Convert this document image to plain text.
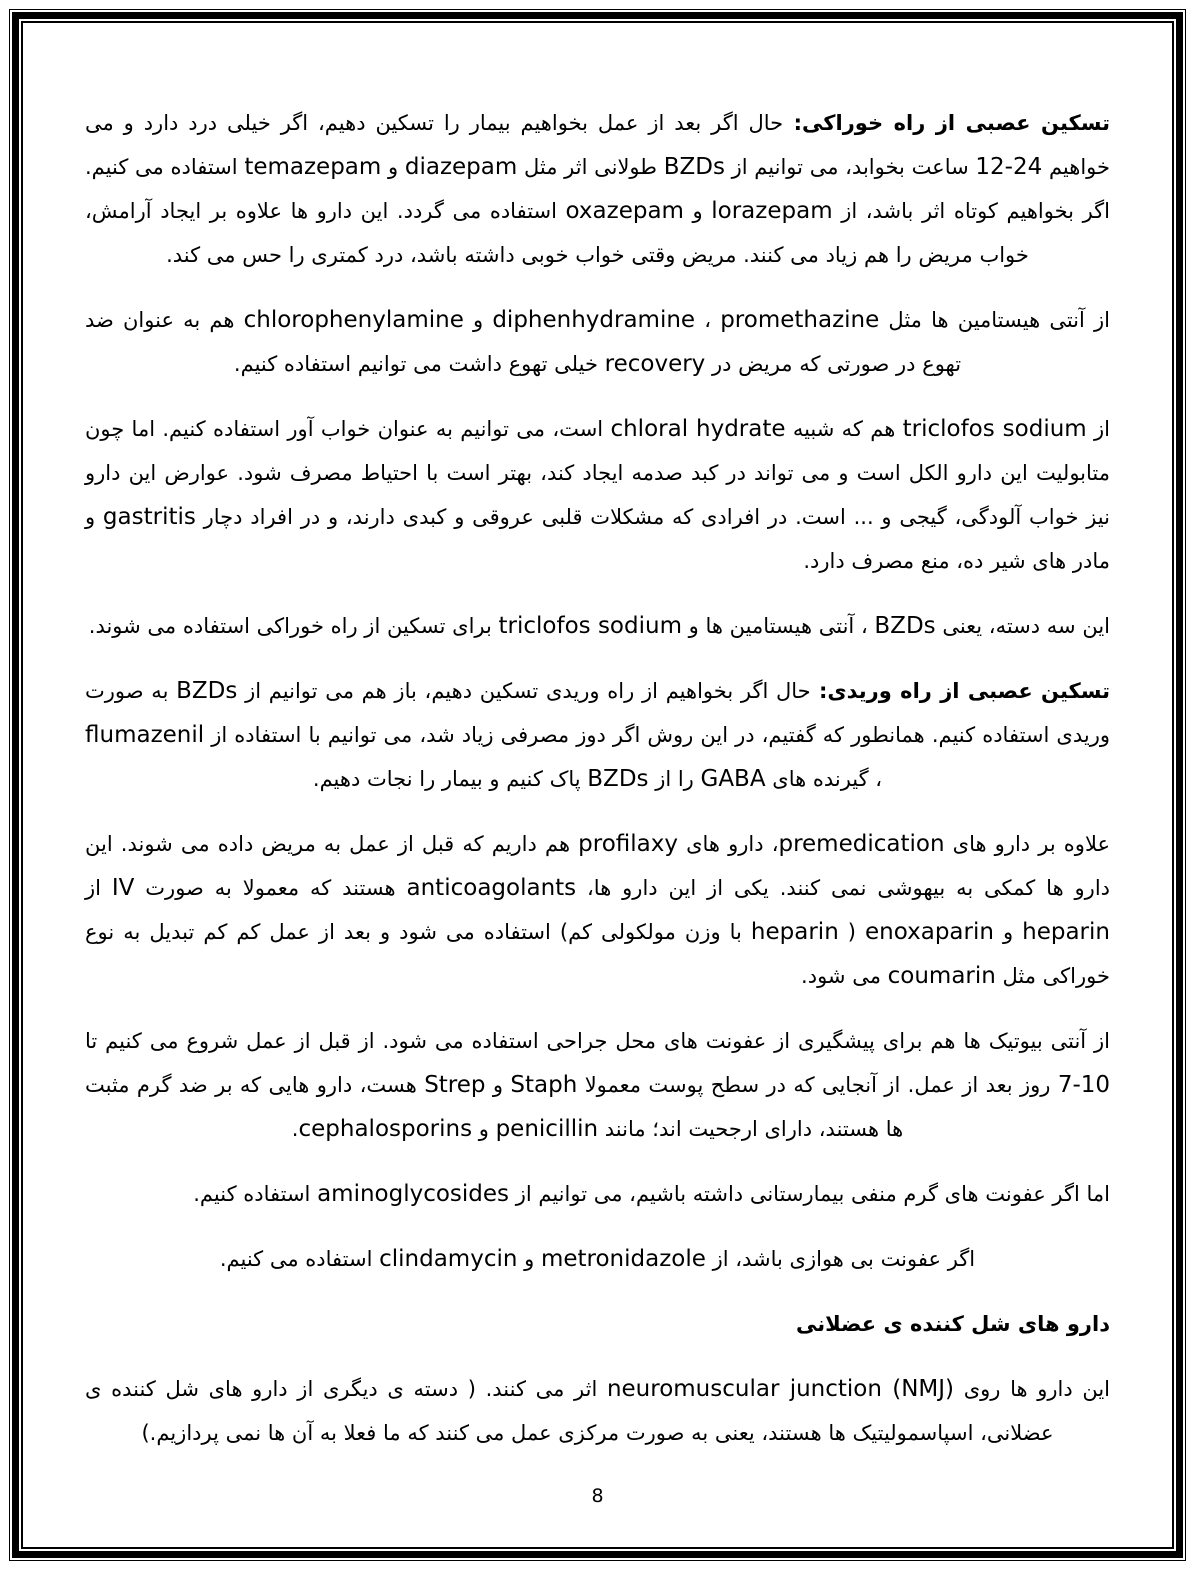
تسکین عصبی از راه خوراکی: حال اگر بعد از عمل بخواهیم بیمار را تسکین دهیم، اگر خیلی درد دارد و می خواهیم 12-24 ساعت بخوابد، می توانیم از BZDs طولانی اثر مثل diazepam و temazepam استفاده می کنیم. اگر بخواهیم کوتاه اثر باشد، از lorazepam و oxazepam استفاده می گردد. این دارو ها علاوه بر ایجاد آرامش، خواب مریض را هم زیاد می کنند. مریض وقتی خواب خوبی داشته باشد، درد کمتری را حس می کند.

از آنتی هیستامین ها مثل promethazine ، diphenhydramine و chlorophenylamine هم به عنوان ضد تهوع در صورتی که مریض در recovery خیلی تهوع داشت می توانیم استفاده کنیم.

از triclofos sodium هم که شبیه chloral hydrate است، می توانیم به عنوان خواب آور استفاده کنیم. اما چون متابولیت این دارو الکل است و می تواند در کبد صدمه ایجاد کند، بهتر است با احتیاط مصرف شود. عوارض این دارو نیز خواب آلودگی، گیجی و ... است. در افرادی که مشکلات قلبی عروقی و کبدی دارند، و در افراد دچار gastritis و مادر های شیر ده، منع مصرف دارد.

این سه دسته، یعنی BZDs ، آنتی هیستامین ها و triclofos sodium برای تسکین از راه خوراکی استفاده می شوند.

تسکین عصبی از راه وریدی: حال اگر بخواهیم از راه وریدی تسکین دهیم، باز هم می توانیم از BZDs به صورت وریدی استفاده کنیم. همانطور که گفتیم، در این روش اگر دوز مصرفی زیاد شد، می توانیم با استفاده از flumazenil ، گیرنده های GABA را از BZDs پاک کنیم و بیمار را نجات دهیم.

علاوه بر دارو های premedication، دارو های profilaxy هم داریم که قبل از عمل به مریض داده می شوند. این دارو ها کمکی به بیهوشی نمی کنند. یکی از این دارو ها، anticoagolants هستند که معمولا به صورت IV از heparin و enoxaparin ‏( heparin با وزن مولکولی کم) استفاده می شود و بعد از عمل کم کم تبدیل به نوع خوراکی مثل coumarin می شود.

از آنتی بیوتیک ها هم برای پیشگیری از عفونت های محل جراحی استفاده می شود. از قبل از عمل شروع می کنیم تا 7-10 روز بعد از عمل. از آنجایی که در سطح پوست معمولا Staph و Strep هست، دارو هایی که بر ضد گرم مثبت ها هستند، دارای ارجحیت اند؛ مانند penicillin و cephalosporins.

اما اگر عفونت های گرم منفی بیمارستانی داشته باشیم، می توانیم از aminoglycosides استفاده کنیم.

اگر عفونت بی هوازی باشد، از metronidazole و clindamycin استفاده می کنیم.

دارو های شل کننده ی عضلانی

این دارو ها روی neuromuscular junction (NMJ) اثر می کنند. ( دسته ی دیگری از دارو های شل کننده ی عضلانی، اسپاسمولیتیک ها هستند، یعنی به صورت مرکزی عمل می کنند که ما فعلا به آن ها نمی پردازیم.)

8
